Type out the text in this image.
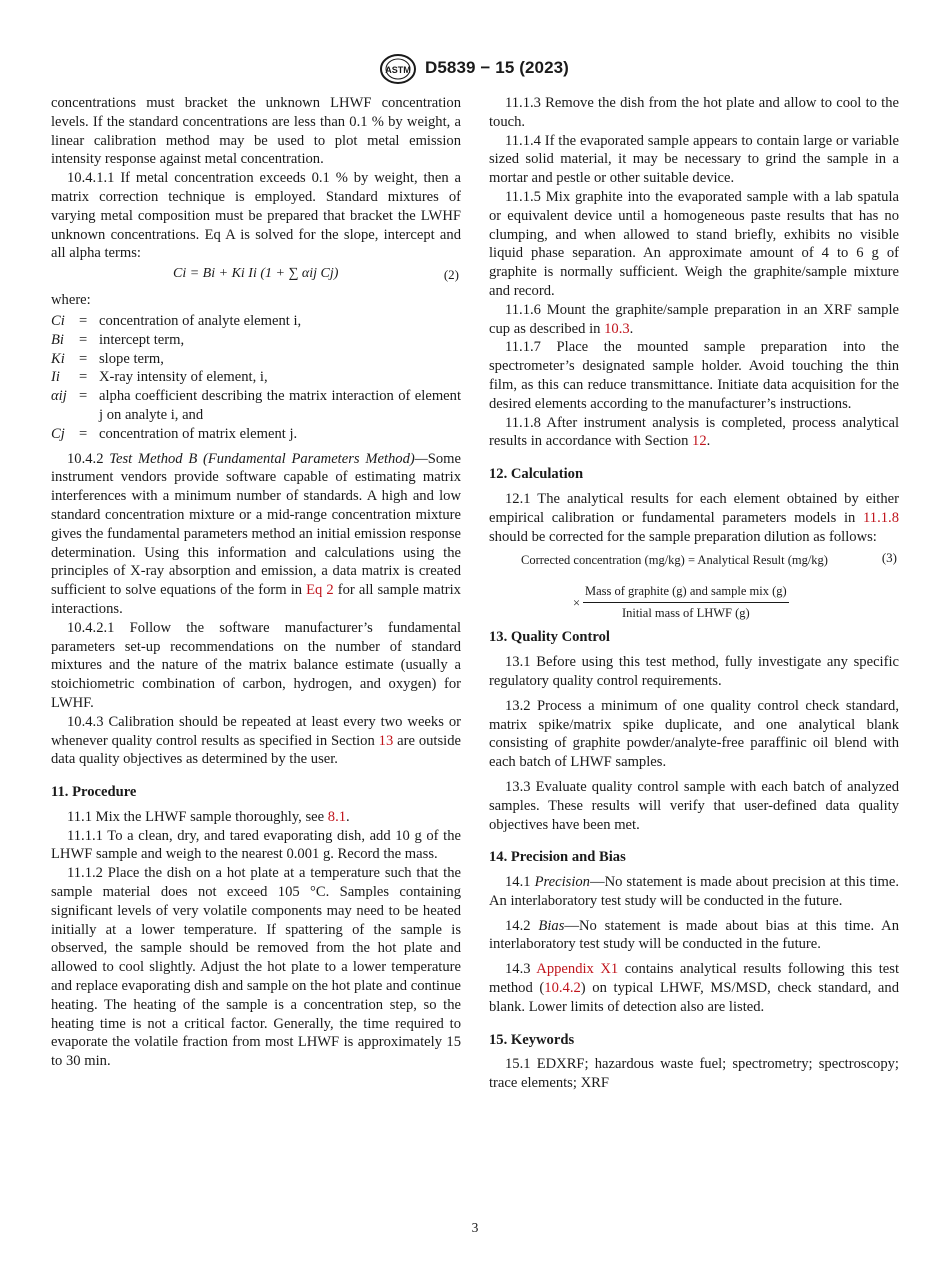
ASTM D5839 − 15 (2023)

concentrations must bracket the unknown LHWF concentration levels. If the standard concentrations are less than 0.1 % by weight, a linear calibration method may be used to plot metal emission intensity response against metal concentration.

10.4.1.1 If metal concentration exceeds 0.1 % by weight, then a matrix correction technique is employed. Standard mixtures of varying metal composition must be prepared that bracket the LWHF unknown concentrations. Eq A is solved for the slope, intercept and all alpha terms:

Ci = Bi + Ki Ii (1 + ∑ αij Cj)	(2)

where:

Ci = concentration of analyte element i,
Bi	= intercept term,
Ki = slope term,
Ii	= X-ray intensity of element, i,
αij = alpha coefficient describing the matrix interaction of element j on analyte i, and
Cj = concentration of matrix element j.

10.4.2 Test Method B (Fundamental Parameters Method)—Some instrument vendors provide software capable of estimating matrix interferences with a minimum number of standards. A high and low standard concentration mixture or a mid-range concentration mixture gives the fundamental parameters method an initial emission response determination. Using this information and calculations using the principles of X-ray absorption and emission, a data matrix is created sufficient to solve equations of the form in Eq 2 for all sample matrix interactions.

10.4.2.1 Follow the software manufacturer’s fundamental parameters set-up recommendations on the number of standard mixtures and the nature of the matrix balance estimate (usually a stoichiometric combination of carbon, hydrogen, and oxygen) for LWHF.

10.4.3 Calibration should be repeated at least every two weeks or whenever quality control results as specified in Section 13 are outside data quality objectives as determined by the user.

11. Procedure

11.1 Mix the LHWF sample thoroughly, see 8.1.

11.1.1 To a clean, dry, and tared evaporating dish, add 10 g of the LHWF sample and weigh to the nearest 0.001 g. Record the mass.

11.1.2 Place the dish on a hot plate at a temperature such that the sample material does not exceed 105 °C. Samples containing significant levels of very volatile components may need to be heated initially at a lower temperature. If spattering of the sample is observed, the sample should be removed from the hot plate and allowed to cool slightly. Adjust the hot plate to a lower temperature and replace evaporating dish and sample on the hot plate and continue heating. The heating of the sample is a concentration step, so the heating time is not a critical factor. Generally, the time required to evaporate the volatile fraction from most LHWF is approximately 15 to 30 min.

11.1.3 Remove the dish from the hot plate and allow to cool to the touch.

11.1.4 If the evaporated sample appears to contain large or variable sized solid material, it may be necessary to grind the sample in a mortar and pestle or other suitable device.

11.1.5 Mix graphite into the evaporated sample with a lab spatula or equivalent device until a homogeneous paste results that has no clumping, and when allowed to stand briefly, exhibits no visible liquid phase separation. An approximate amount of 4 to 6 g of graphite is normally sufficient. Weigh the graphite/sample mixture and record.

11.1.6 Mount the graphite/sample preparation in an XRF sample cup as described in 10.3.

11.1.7 Place the mounted sample preparation into the spectrometer’s designated sample holder. Avoid touching the thin film, as this can reduce transmittance. Initiate data acquisition for the desired elements according to the manufacturer’s instructions.

11.1.8 After instrument analysis is completed, process analytical results in accordance with Section 12.

12. Calculation

12.1 The analytical results for each element obtained by either empirical calibration or fundamental parameters models in 11.1.8 should be corrected for the sample preparation dilution as follows:

Corrected concentration (mg/kg) = Analytical Result (mg/kg)	(3)
×
Mass of graphite (g) and sample mix (g)
Initial mass of LHWF (g)
13. Quality Control

13.1 Before using this test method, fully investigate any specific regulatory quality control requirements.

13.2 Process a minimum of one quality control check standard, matrix spike/matrix spike duplicate, and one analytical blank consisting of graphite powder/analyte-free paraffinic oil blend with each batch of LHWF samples.

13.3 Evaluate quality control sample with each batch of analyzed samples. These results will verify that user-defined data quality objectives have been met.

14. Precision and Bias

14.1 Precision—No statement is made about precision at this time. An interlaboratory test study will be conducted in the future.

14.2 Bias—No statement is made about bias at this time. An interlaboratory test study will be conducted in the future.

14.3 Appendix X1 contains analytical results following this test method (10.4.2) on typical LHWF, MS/MSD, check standard, and blank. Lower limits of detection also are listed.

15. Keywords

15.1 EDXRF; hazardous waste fuel; spectrometry; spectroscopy; trace elements; XRF

3
